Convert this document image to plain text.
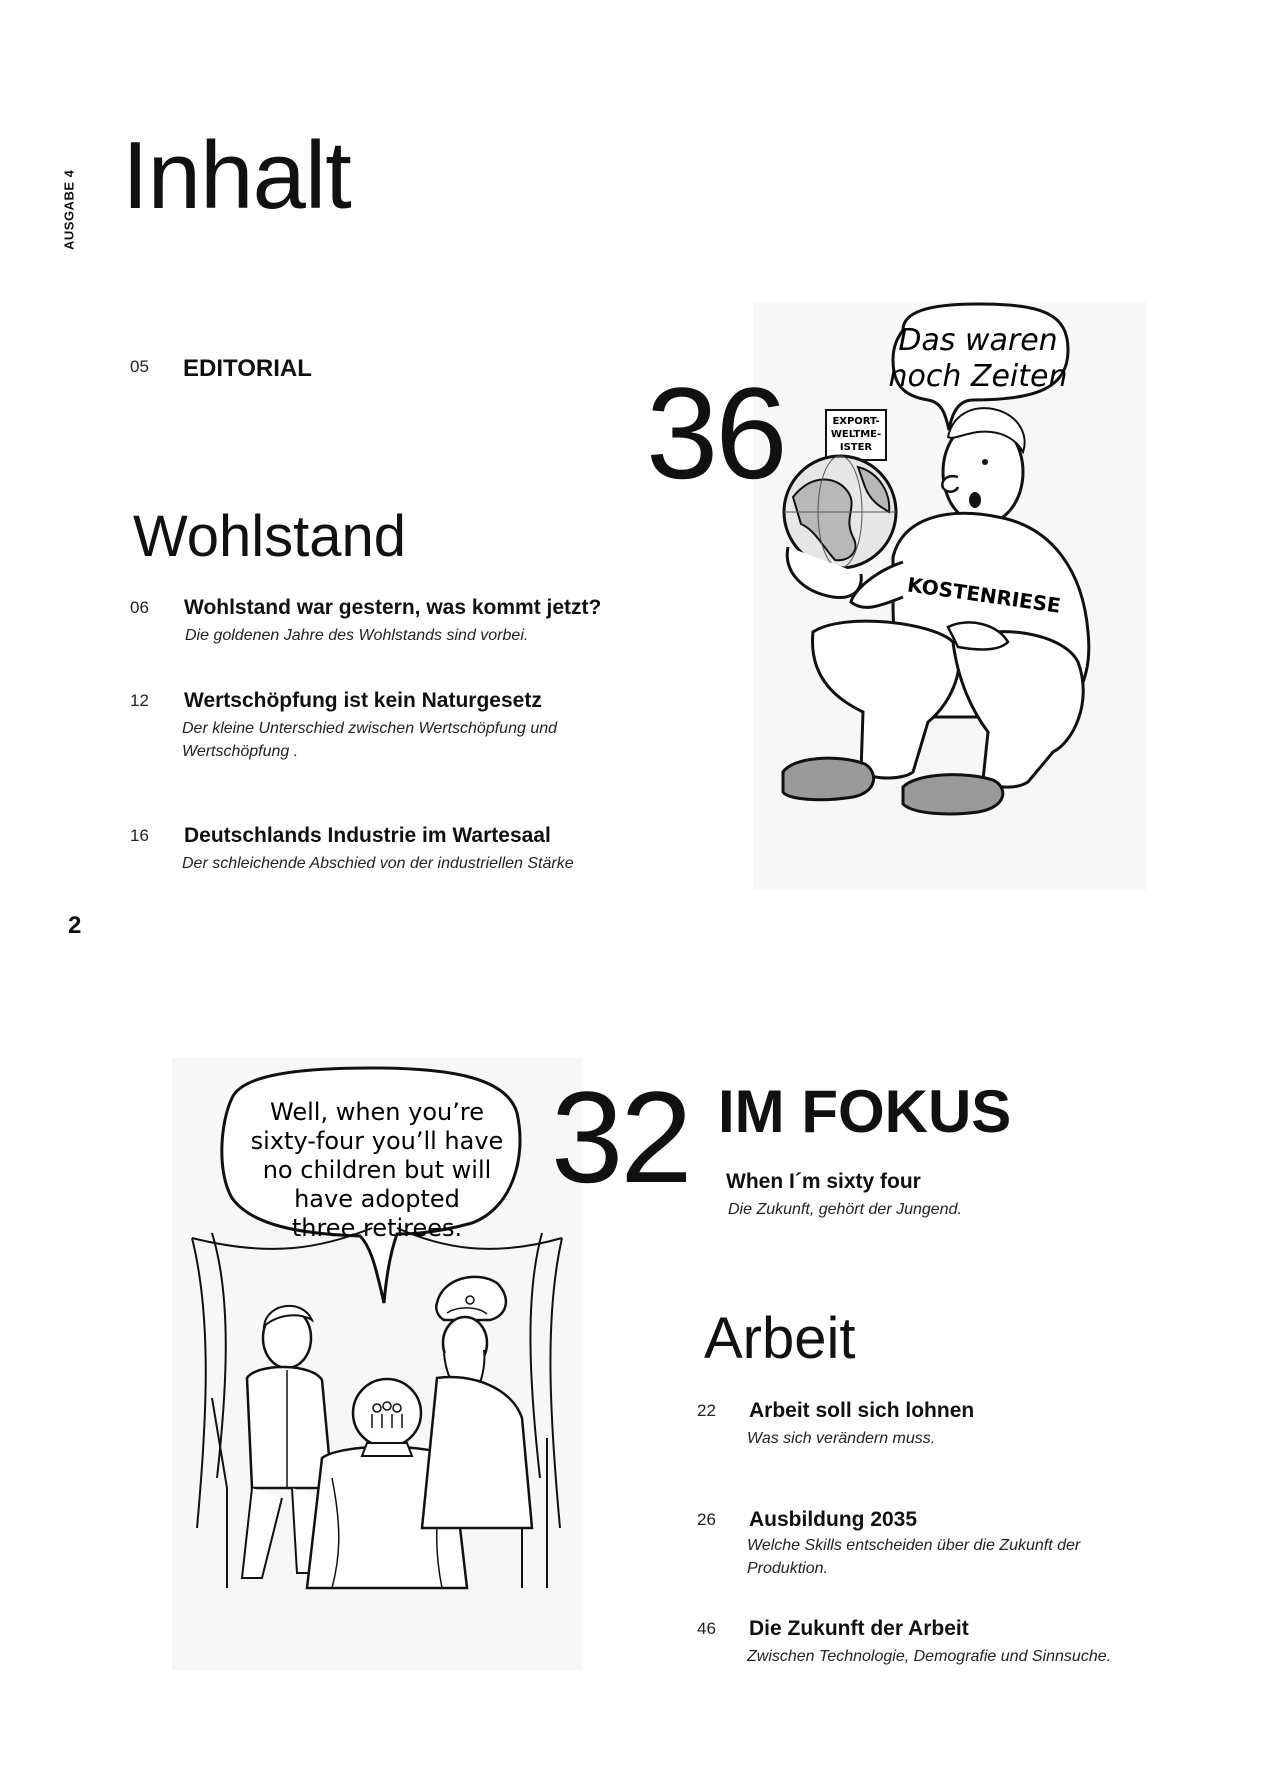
AUSGABE 4 Inhalt
05 EDITORIAL
Wohlstand
06 Wohlstand war gestern, was kommt jetzt?
Die goldenen Jahre des Wohlstands sind vorbei.
12 Wertschöpfung ist kein Naturgesetz
Der kleine Unterschied zwischen Wertschöpfung und Wertschöpfung .
16 Deutschlands Industrie im Wartesaal
Der schleichende Abschied von der industriellen Stärke
Das waren
noch Zeiten
EXPORT-
WELTME-
ISTER
KOSTENRIESE
36
2
Well, when you’re
sixty-four you’ll have
no children but will
have adopted
three retirees.
32 IM FOKUS
When I´m sixty four
Die Zukunft, gehört der Jungend.
Arbeit
22 Arbeit soll sich lohnen
Was sich verändern muss.
26 Ausbildung 2035
Welche Skills entscheiden über die Zukunft der Produktion.
46 Die Zukunft der Arbeit
Zwischen Technologie, Demografie und Sinnsuche.
